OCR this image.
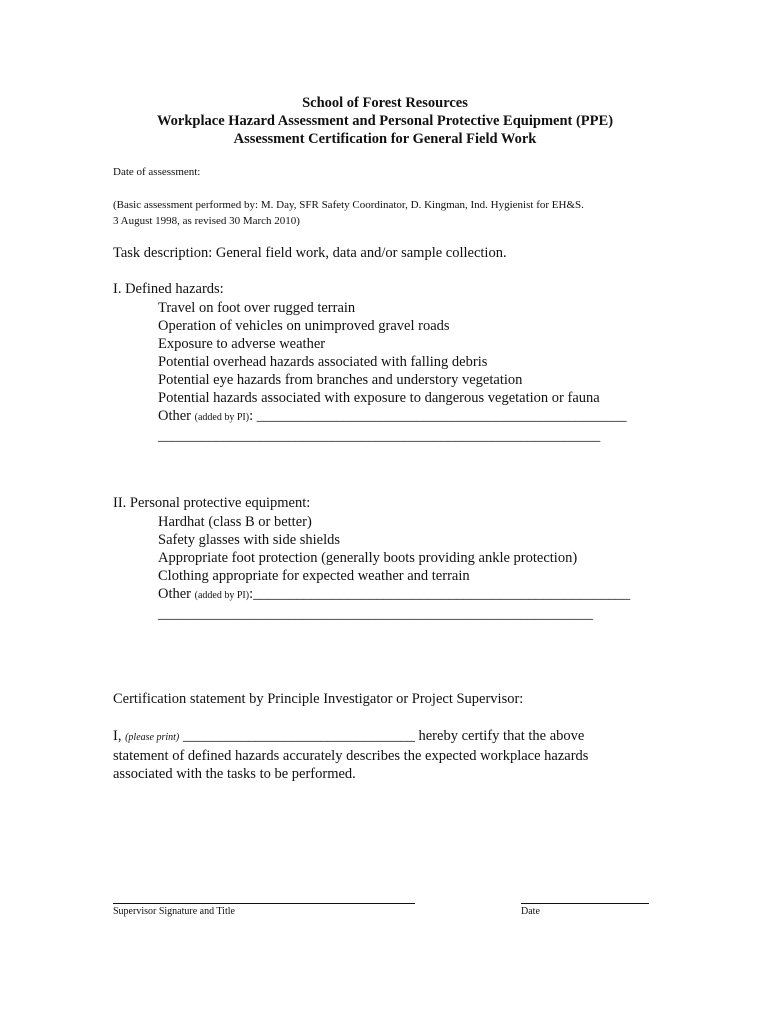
School of Forest Resources
Workplace Hazard Assessment and Personal Protective Equipment (PPE)
Assessment Certification for General Field Work
Date of assessment:
(Basic assessment performed by: M. Day, SFR Safety Coordinator, D. Kingman, Ind. Hygienist for EH&S.
3 August 1998, as revised 30 March 2010)
Task description: General field work, data and/or sample collection.
I. Defined hazards:
Travel on foot over rugged terrain
Operation of vehicles on unimproved gravel roads
Exposure to adverse weather
Potential overhead hazards associated with falling debris
Potential eye hazards from branches and understory vegetation
Potential hazards associated with exposure to dangerous vegetation or fauna
Other (added by PI): ___________________________________________________
_____________________________________________________________
II. Personal protective equipment:
Hardhat (class B or better)
Safety glasses with side shields
Appropriate foot protection (generally boots providing ankle protection)
Clothing appropriate for expected weather and terrain
Other (added by PI):____________________________________________________
____________________________________________________________
Certification statement by Principle Investigator or Project Supervisor:
I, (please print) ________________________________ hereby certify that the above
statement of defined hazards accurately describes the expected workplace hazards
associated with the tasks to be performed.
Supervisor Signature and Title	Date
